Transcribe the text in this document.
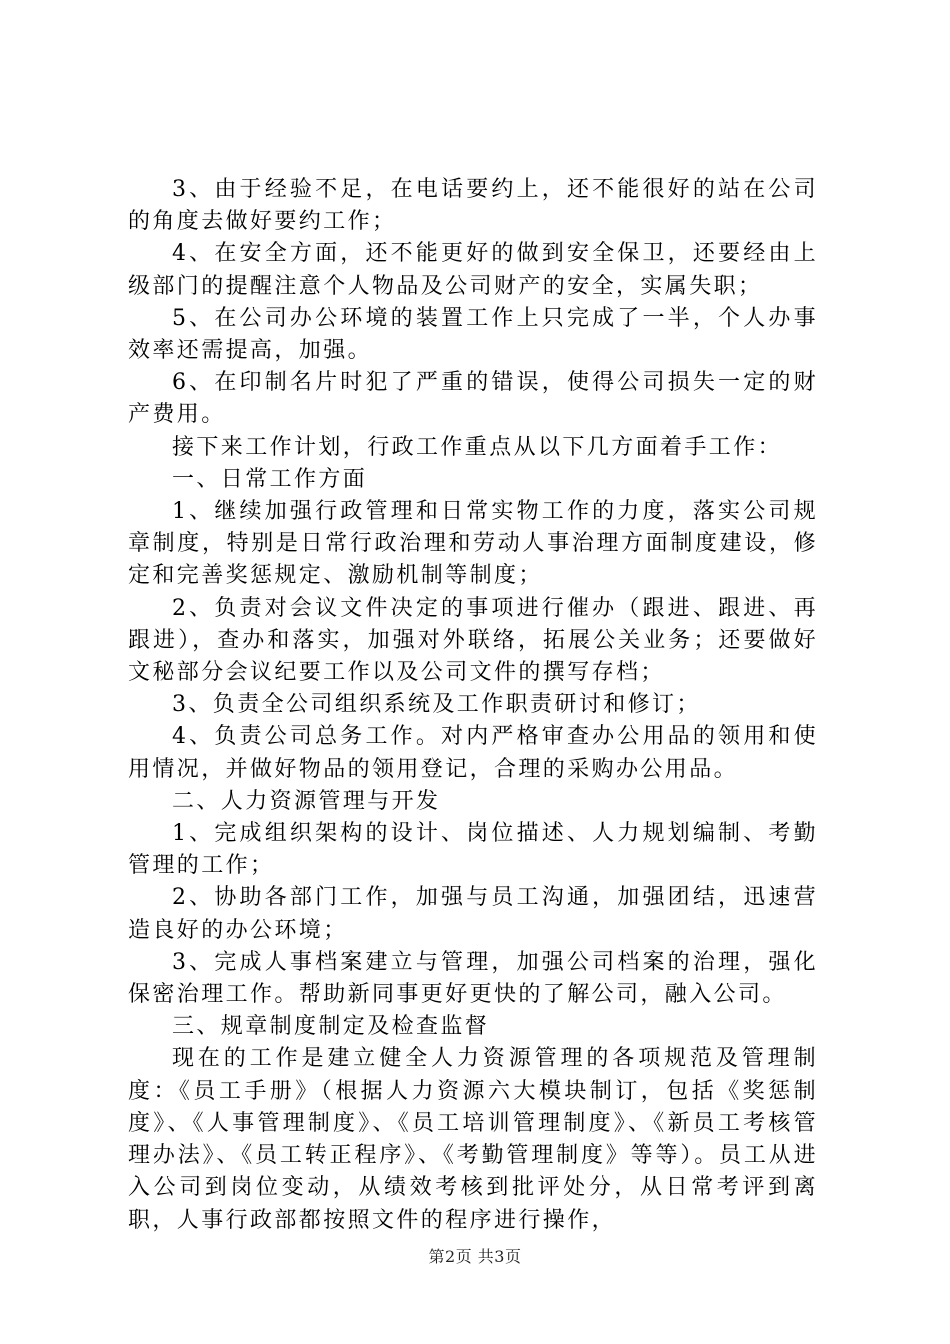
3、由于经验不足，在电话要约上，还不能很好的站在公司的角度去做好要约工作；

4、在安全方面，还不能更好的做到安全保卫，还要经由上级部门的提醒注意个人物品及公司财产的安全，实属失职；

5、在公司办公环境的装置工作上只完成了一半，个人办事效率还需提高，加强。

6、在印制名片时犯了严重的错误，使得公司损失一定的财产费用。

接下来工作计划，行政工作重点从以下几方面着手工作：

一、日常工作方面

1、继续加强行政管理和日常实物工作的力度，落实公司规章制度，特别是日常行政治理和劳动人事治理方面制度建设，修定和完善奖惩规定、激励机制等制度；

2、负责对会议文件决定的事项进行催办（跟进、跟进、再跟进），查办和落实，加强对外联络，拓展公关业务；还要做好文秘部分会议纪要工作以及公司文件的撰写存档；

3、负责全公司组织系统及工作职责研讨和修订；

4、负责公司总务工作。对内严格审查办公用品的领用和使用情况，并做好物品的领用登记，合理的采购办公用品。

二、人力资源管理与开发

1、完成组织架构的设计、岗位描述、人力规划编制、考勤管理的工作；

2、协助各部门工作，加强与员工沟通，加强团结，迅速营造良好的办公环境；

3、完成人事档案建立与管理，加强公司档案的治理，强化保密治理工作。帮助新同事更好更快的了解公司，融入公司。

三、规章制度制定及检查监督

现在的工作是建立健全人力资源管理的各项规范及管理制度：《员工手册》（根据人力资源六大模块制订，包括《奖惩制度》、《人事管理制度》、《员工培训管理制度》、《新员工考核管理办法》、《员工转正程序》、《考勤管理制度》等等）。员工从进入公司到岗位变动，从绩效考核到批评处分，从日常考评到离职，人事行政部都按照文件的程序进行操作，

第2页 共3页
